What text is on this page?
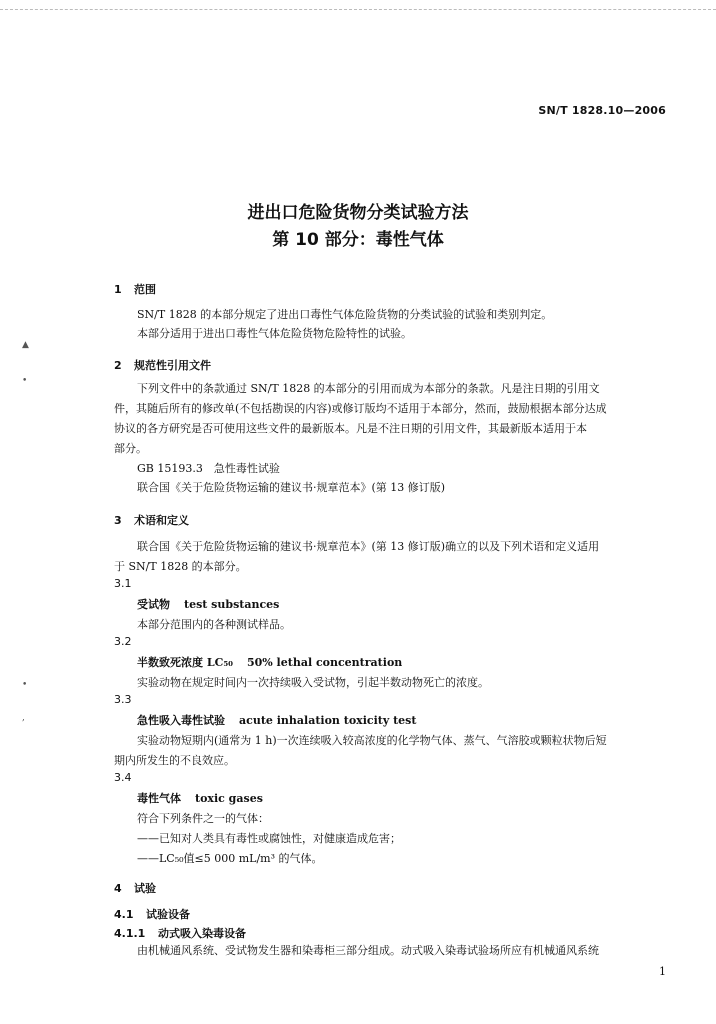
▲
•
•
,
SN/T 1828.10—2006
进出口危险货物分类试验方法
第 10 部分：毒性气体
1 范围
SN/T 1828 的本部分规定了进出口毒性气体危险货物的分类试验的试验和类别判定。
本部分适用于进出口毒性气体危险货物危险特性的试验。
2 规范性引用文件
下列文件中的条款通过 SN/T 1828 的本部分的引用而成为本部分的条款。凡是注日期的引用文
件，其随后所有的修改单(不包括勘误的内容)或修订版均不适用于本部分，然而，鼓励根据本部分达成
协议的各方研究是否可使用这些文件的最新版本。凡是不注日期的引用文件，其最新版本适用于本
部分。
GB 15193.3　急性毒性试验
联合国《关于危险货物运输的建议书·规章范本》(第 13 修订版)
3 术语和定义
联合国《关于危险货物运输的建议书·规章范本》(第 13 修订版)确立的以及下列术语和定义适用
于 SN/T 1828 的本部分。
3.1
受试物 test substances
本部分范围内的各种测试样品。
3.2
半数致死浓度 LC₅₀ 50% lethal concentration
实验动物在规定时间内一次持续吸入受试物，引起半数动物死亡的浓度。
3.3
急性吸入毒性试验 acute inhalation toxicity test
实验动物短期内(通常为 1 h)一次连续吸入较高浓度的化学物气体、蒸气、气溶胶或颗粒状物后短
期内所发生的不良效应。
3.4
毒性气体 toxic gases
符合下列条件之一的气体：
——已知对人类具有毒性或腐蚀性，对健康造成危害；
——LC₅₀值≤5 000 mL/m³ 的气体。
4 试验
4.1 试验设备
4.1.1 动式吸入染毒设备
由机械通风系统、受试物发生器和染毒柜三部分组成。动式吸入染毒试验场所应有机械通风系统
1
